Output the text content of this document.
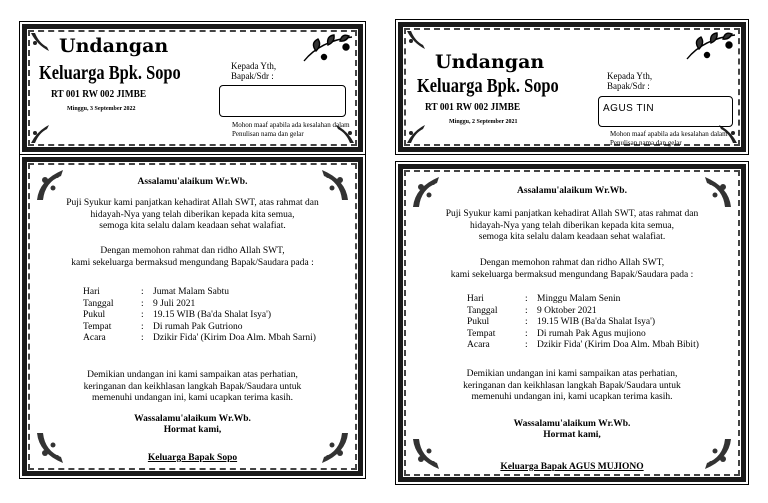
Undangan
Keluarga Bpk. Sopo
RT 001 RW 002 JIMBE
Minggu, 3 September 2022
Kepada Yth,
Bapak/Sdr :
Mohon maaf apabila ada kesalahan dalam
Penulisan nama dan gelar
Assalamu'alaikum Wr.Wb.
Puji Syukur kami panjatkan kehadirat Allah SWT, atas rahmat dan
hidayah-Nya yang telah diberikan kepada kita semua,
semoga kita selalu dalam keadaan sehat walafiat.
Dengan memohon rahmat dan ridho Allah SWT,
kami sekeluarga bermaksud mengundang Bapak/Saudara pada :
Hari	:	Jumat Malam Sabtu
Tanggal	:	9 Juli 2021
Pukul	:	19.15 WIB (Ba'da Shalat Isya')
Tempat	:	Di rumah Pak Gutriono
Acara	:	Dzikir Fida' (Kirim Doa Alm. Mbah Sarni)
Demikian undangan ini kami sampaikan atas perhatian,
keringanan dan keikhlasan langkah Bapak/Saudara untuk
memenuhi undangan ini, kami ucapkan terima kasih.
Wassalamu'alaikum Wr.Wb.
Hormat kami,
Keluarga Bapak Sopo
Undangan
Keluarga Bpk. Sopo
RT 001 RW 002 JIMBE
Minggu, 2 September 2021
Kepada Yth,
Bapak/Sdr :
AGUS TIN
Mohon maaf apabila ada kesalahan dalam
Penulisan nama dan gelar
Assalamu'alaikum Wr.Wb.
Puji Syukur kami panjatkan kehadirat Allah SWT, atas rahmat dan
hidayah-Nya yang telah diberikan kepada kita semua,
semoga kita selalu dalam keadaan sehat walafiat.
Dengan memohon rahmat dan ridho Allah SWT,
kami sekeluarga bermaksud mengundang Bapak/Saudara pada :
Hari	:	Minggu Malam Senin
Tanggal	:	9 Oktober 2021
Pukul	:	19.15 WIB (Ba'da Shalat Isya')
Tempat	:	Di rumah Pak Agus mujiono
Acara	:	Dzikir Fida' (Kirim Doa Alm. Mbah Bibit)
Demikian undangan ini kami sampaikan atas perhatian,
keringanan dan keikhlasan langkah Bapak/Saudara untuk
memenuhi undangan ini, kami ucapkan terima kasih.
Wassalamu'alaikum Wr.Wb.
Hormat kami,
Keluarga Bapak AGUS MUJIONO
